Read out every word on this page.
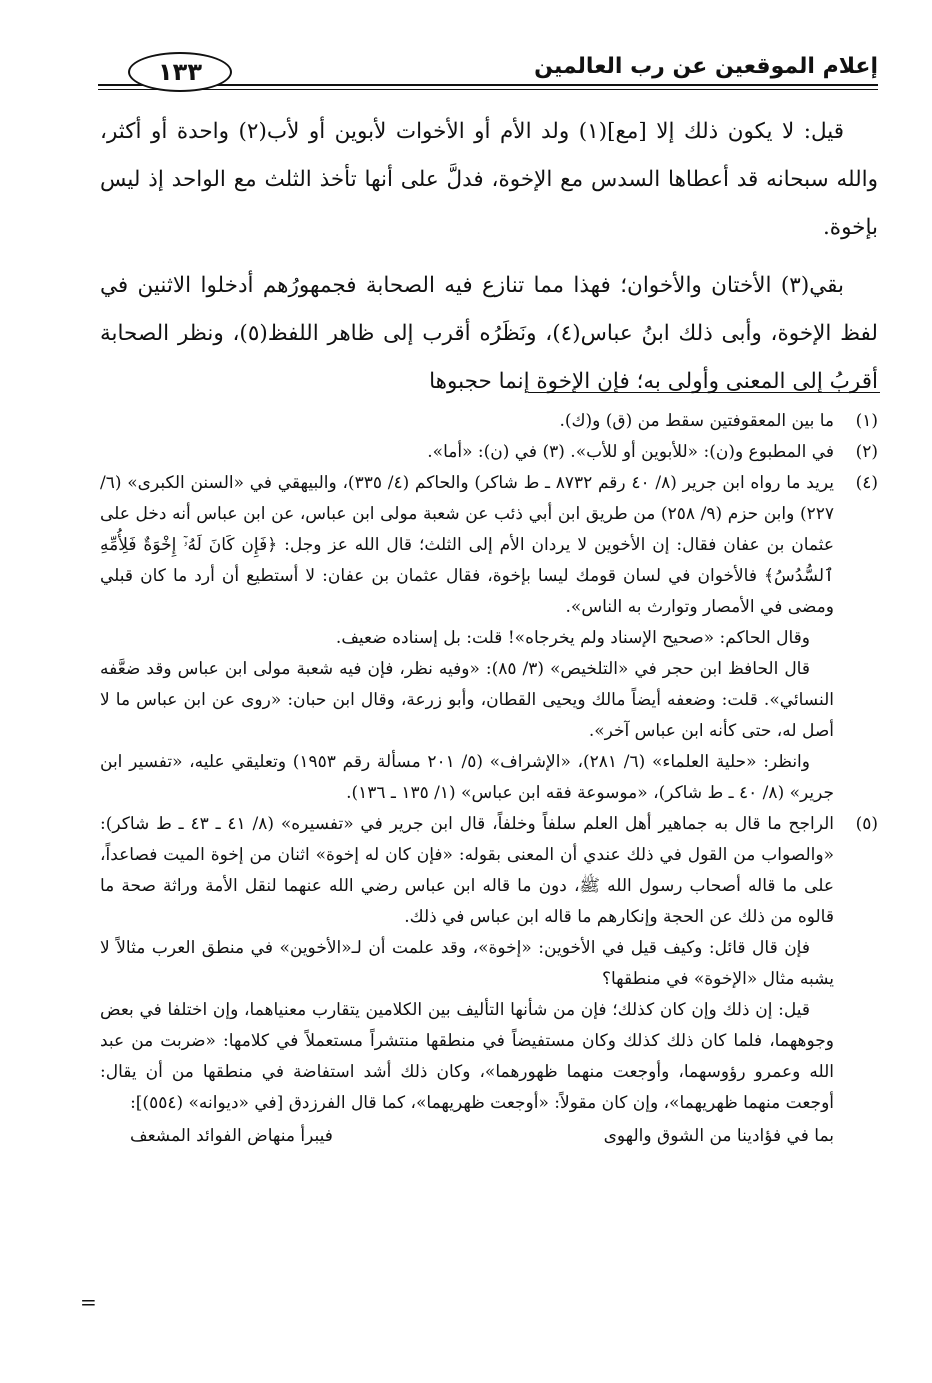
إعلام الموقعين عن رب العالمين
١٣٣

قيل: لا يكون ذلك إلا [مع](١) ولد الأم أو الأخوات لأبوين أو لأب(٢) واحدة أو أكثر، والله سبحانه قد أعطاها السدس مع الإخوة، فدلَّ على أنها تأخذ الثلث مع الواحد إذ ليس بإخوة.

بقي(٣) الأختان والأخوان؛ فهذا مما تنازع فيه الصحابة فجمهورُهم أدخلوا الاثنين في لفظ الإخوة، وأبى ذلك ابنُ عباس(٤)، ونَظَرُه أقرب إلى ظاهر اللفظ(٥)، ونظر الصحابة أقربُ إلى المعنى وأولى به؛ فإن الإخوة إنما حجبوها

(١)

ما بين المعقوفتين سقط من (ق) و(ك).

(٢)

في المطبوع و(ن): «للأبوين أو للأب». (٣) في (ن): «أما».

(٤)

يريد ما رواه ابن جرير (٨/ ٤٠ رقم ٨٧٣٢ ـ ط شاكر) والحاكم (٤/ ٣٣٥)، والبيهقي في «السنن الكبرى» (٦/ ٢٢٧) وابن حزم (٩/ ٢٥٨) من طريق ابن أبي ذئب عن شعبة مولى ابن عباس، عن ابن عباس أنه دخل على عثمان بن عفان فقال: إن الأخوين لا يردان الأم إلى الثلث؛ قال الله عز وجل: ﴿فَإِن كَانَ لَهُۥٓ إِخْوَةٌ فَلِأُمِّهِ ٱلسُّدُسُ﴾ فالأخوان في لسان قومك ليسا بإخوة، فقال عثمان بن عفان: لا أستطيع أن أرد ما كان قبلي ومضى في الأمصار وتوارث به الناس».

وقال الحاكم: «صحيح الإسناد ولم يخرجاه»! قلت: بل إسناده ضعيف.

قال الحافظ ابن حجر في «التلخيص» (٣/ ٨٥): «وفيه نظر، فإن فيه شعبة مولى ابن عباس وقد ضعَّفه النسائي». قلت: وضعفه أيضاً مالك ويحيى القطان، وأبو زرعة، وقال ابن حبان: «روى عن ابن عباس ما لا أصل له، حتى كأنه ابن عباس آخر».

وانظر: «حلية العلماء» (٦/ ٢٨١)، «الإشراف» (٥/ ٢٠١ مسألة رقم ١٩٥٣) وتعليقي عليه، «تفسير ابن جرير» (٨/ ٤٠ ـ ط شاكر)، «موسوعة فقه ابن عباس» (١/ ١٣٥ ـ ١٣٦).

(٥)

الراجح ما قال به جماهير أهل العلم سلفاً وخلفاً، قال ابن جرير في «تفسيره» (٨/ ٤١ ـ ٤٣ ـ ط شاكر): «والصواب من القول في ذلك عندي أن المعنى بقوله: «فإن كان له إخوة» اثنان من إخوة الميت فصاعداً، على ما قاله أصحاب رسول الله ﷺ، دون ما قاله ابن عباس رضي الله عنهما لنقل الأمة وراثة صحة ما قالوه من ذلك عن الحجة وإنكارهم ما قاله ابن عباس في ذلك.

فإن قال قائل: وكيف قيل في الأخوين: «إخوة»، وقد علمت أن لـ«الأخوين» في منطق العرب مثالاً لا يشبه مثال «الإخوة» في منطقها؟

قيل: إن ذلك وإن كان كذلك؛ فإن من شأنها التأليف بين الكلامين يتقارب معنياهما، وإن اختلفا في بعض وجوههما، فلما كان ذلك كذلك وكان مستفيضاً في منطقها منتشراً مستعملاً في كلامها: «ضربت من عبد الله وعمرو رؤوسهما، وأوجعت منهما ظهورهما»، وكان ذلك أشد استفاضة في منطقها من أن يقال: أوجعت منهما ظهريهما»، وإن كان مقولاً: «أوجعت ظهريهما»، كما قال الفرزدق [في «ديوانه» (٥٥٤)]:

بما في فؤادينا من الشوق والهوى
فيبرأ منهاض الفوائد المشعف
=
